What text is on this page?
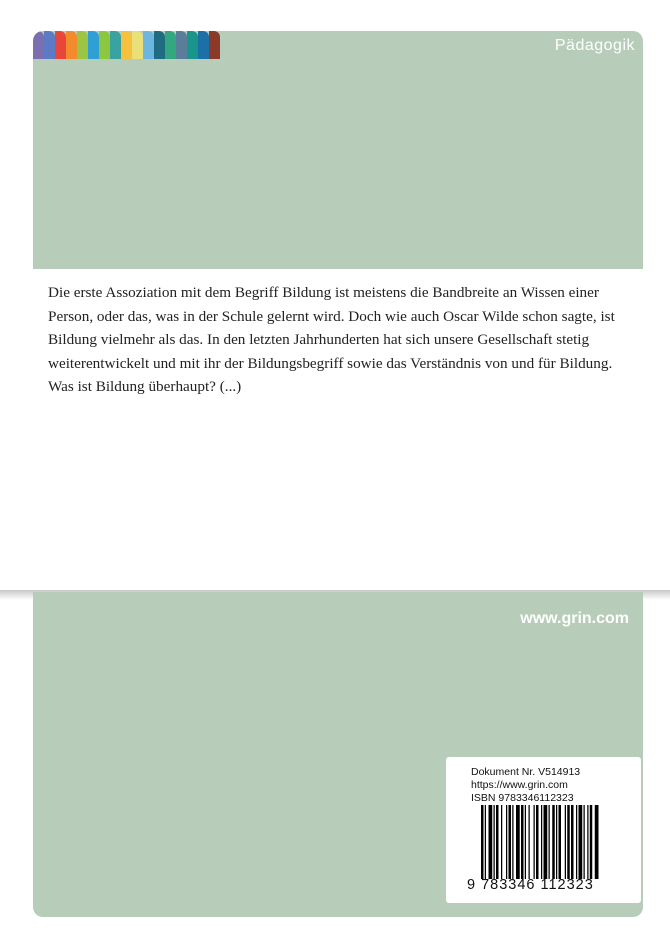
Pädagogik

Die erste Assoziation mit dem Begriff Bildung ist meistens die Bandbreite an Wissen einer Person, oder das, was in der Schule gelernt wird. Doch wie auch Oscar Wilde schon sagte, ist Bildung vielmehr als das. In den letzten Jahrhunderten hat sich unsere Gesellschaft stetig weiterentwickelt und mit ihr der Bildungsbegriff sowie das Verständnis von und für Bildung. Was ist Bildung überhaupt? (...)

www.grin.com
Dokument Nr. V514913
https://www.grin.com
ISBN 9783346112323
9 783346 112323
